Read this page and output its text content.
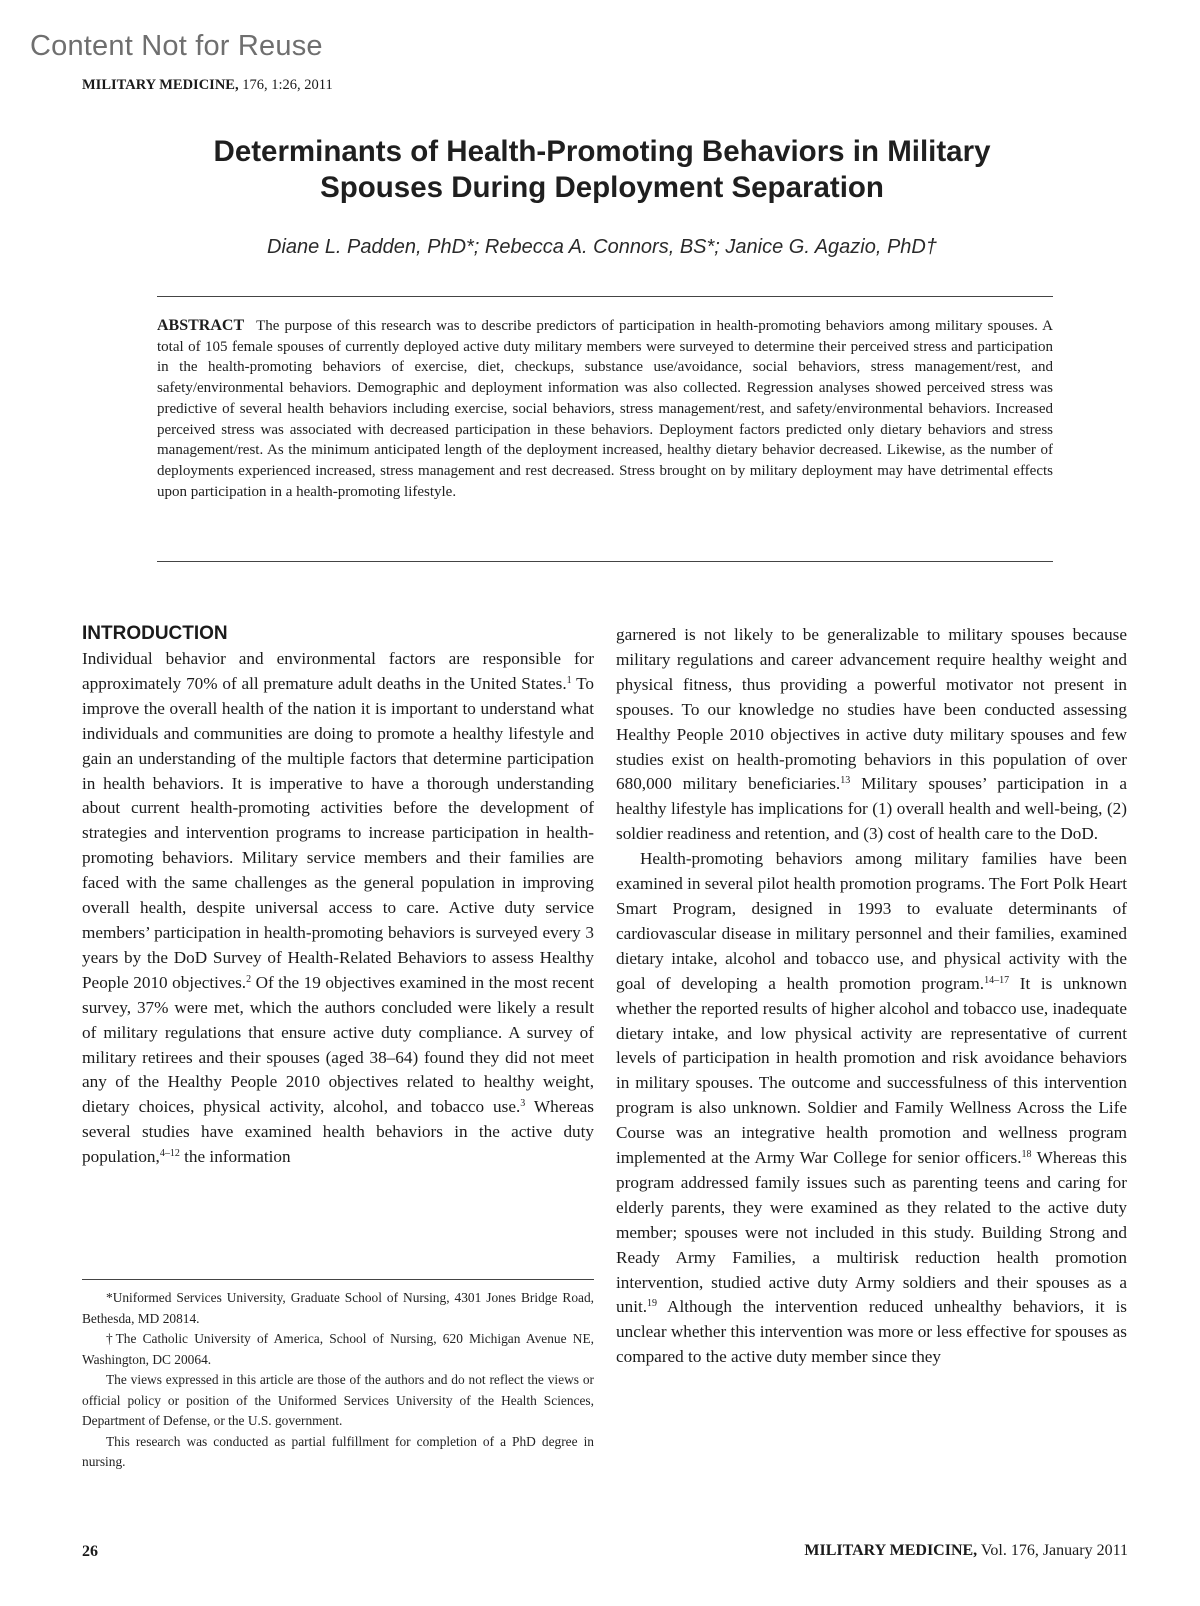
Content Not for Reuse
MILITARY MEDICINE, 176, 1:26, 2011
Determinants of Health-Promoting Behaviors in Military
Spouses During Deployment Separation
Diane L. Padden, PhD*; Rebecca A. Connors, BS*; Janice G. Agazio, PhD†

ABSTRACT The purpose of this research was to describe predictors of participation in health-promoting behaviors among military spouses. A total of 105 female spouses of currently deployed active duty military members were surveyed to determine their perceived stress and participation in the health-promoting behaviors of exercise, diet, checkups, substance use/avoidance, social behaviors, stress management/rest, and safety/environmental behaviors. Demographic and deployment information was also collected. Regression analyses showed perceived stress was predictive of several health behaviors including exercise, social behaviors, stress management/rest, and safety/environmental behaviors. Increased perceived stress was associated with decreased participation in these behaviors. Deployment factors predicted only dietary behaviors and stress management/rest. As the minimum anticipated length of the deployment increased, healthy dietary behavior decreased. Likewise, as the number of deployments experienced increased, stress management and rest decreased. Stress brought on by military deployment may have detrimental effects upon participation in a health-promoting lifestyle.

INTRODUCTION

Individual behavior and environmental factors are responsible for approximately 70% of all premature adult deaths in the United States.$^1$ To improve the overall health of the nation it is important to understand what individuals and communities are doing to promote a healthy lifestyle and gain an understanding of the multiple factors that determine participation in health behaviors. It is imperative to have a thorough understanding about current health-promoting activities before the development of strategies and intervention programs to increase participation in health-promoting behaviors. Military service members and their families are faced with the same challenges as the general population in improving overall health, despite universal access to care. Active duty service members’ participation in health-promoting behaviors is surveyed every 3 years by the DoD Survey of Health-Related Behaviors to assess Healthy People 2010 objectives.$^2$ Of the 19 objectives examined in the most recent survey, 37% were met, which the authors concluded were likely a result of military regulations that ensure active duty compliance. A survey of military retirees and their spouses (aged 38–64) found they did not meet any of the Healthy People 2010 objectives related to healthy weight, dietary choices, physical activity, alcohol, and tobacco use.$^3$ Whereas several studies have examined health behaviors in the active duty population,$^{4-12}$ the information

*Uniformed Services University, Graduate School of Nursing, 4301 Jones Bridge Road, Bethesda, MD 20814.

†The Catholic University of America, School of Nursing, 620 Michigan Avenue NE, Washington, DC 20064.

The views expressed in this article are those of the authors and do not reflect the views or official policy or position of the Uniformed Services University of the Health Sciences, Department of Defense, or the U.S. government.

This research was conducted as partial fulfillment for completion of a PhD degree in nursing.

garnered is not likely to be generalizable to military spouses because military regulations and career advancement require healthy weight and physical fitness, thus providing a powerful motivator not present in spouses. To our knowledge no studies have been conducted assessing Healthy People 2010 objectives in active duty military spouses and few studies exist on health-promoting behaviors in this population of over 680,000 military beneficiaries.$^{13}$ Military spouses’ participation in a healthy lifestyle has implications for (1) overall health and well-being, (2) soldier readiness and retention, and (3) cost of health care to the DoD.

Health-promoting behaviors among military families have been examined in several pilot health promotion programs. The Fort Polk Heart Smart Program, designed in 1993 to evaluate determinants of cardiovascular disease in military personnel and their families, examined dietary intake, alcohol and tobacco use, and physical activity with the goal of developing a health promotion program.$^{14-17}$ It is unknown whether the reported results of higher alcohol and tobacco use, inadequate dietary intake, and low physical activity are representative of current levels of participation in health promotion and risk avoidance behaviors in military spouses. The outcome and successfulness of this intervention program is also unknown. Soldier and Family Wellness Across the Life Course was an integrative health promotion and wellness program implemented at the Army War College for senior officers.$^{18}$ Whereas this program addressed family issues such as parenting teens and caring for elderly parents, they were examined as they related to the active duty member; spouses were not included in this study. Building Strong and Ready Army Families, a multirisk reduction health promotion intervention, studied active duty Army soldiers and their spouses as a unit.$^{19}$ Although the intervention reduced unhealthy behaviors, it is unclear whether this intervention was more or less effective for spouses as compared to the active duty member since they

26	MILITARY MEDICINE, Vol. 176, January 2011
